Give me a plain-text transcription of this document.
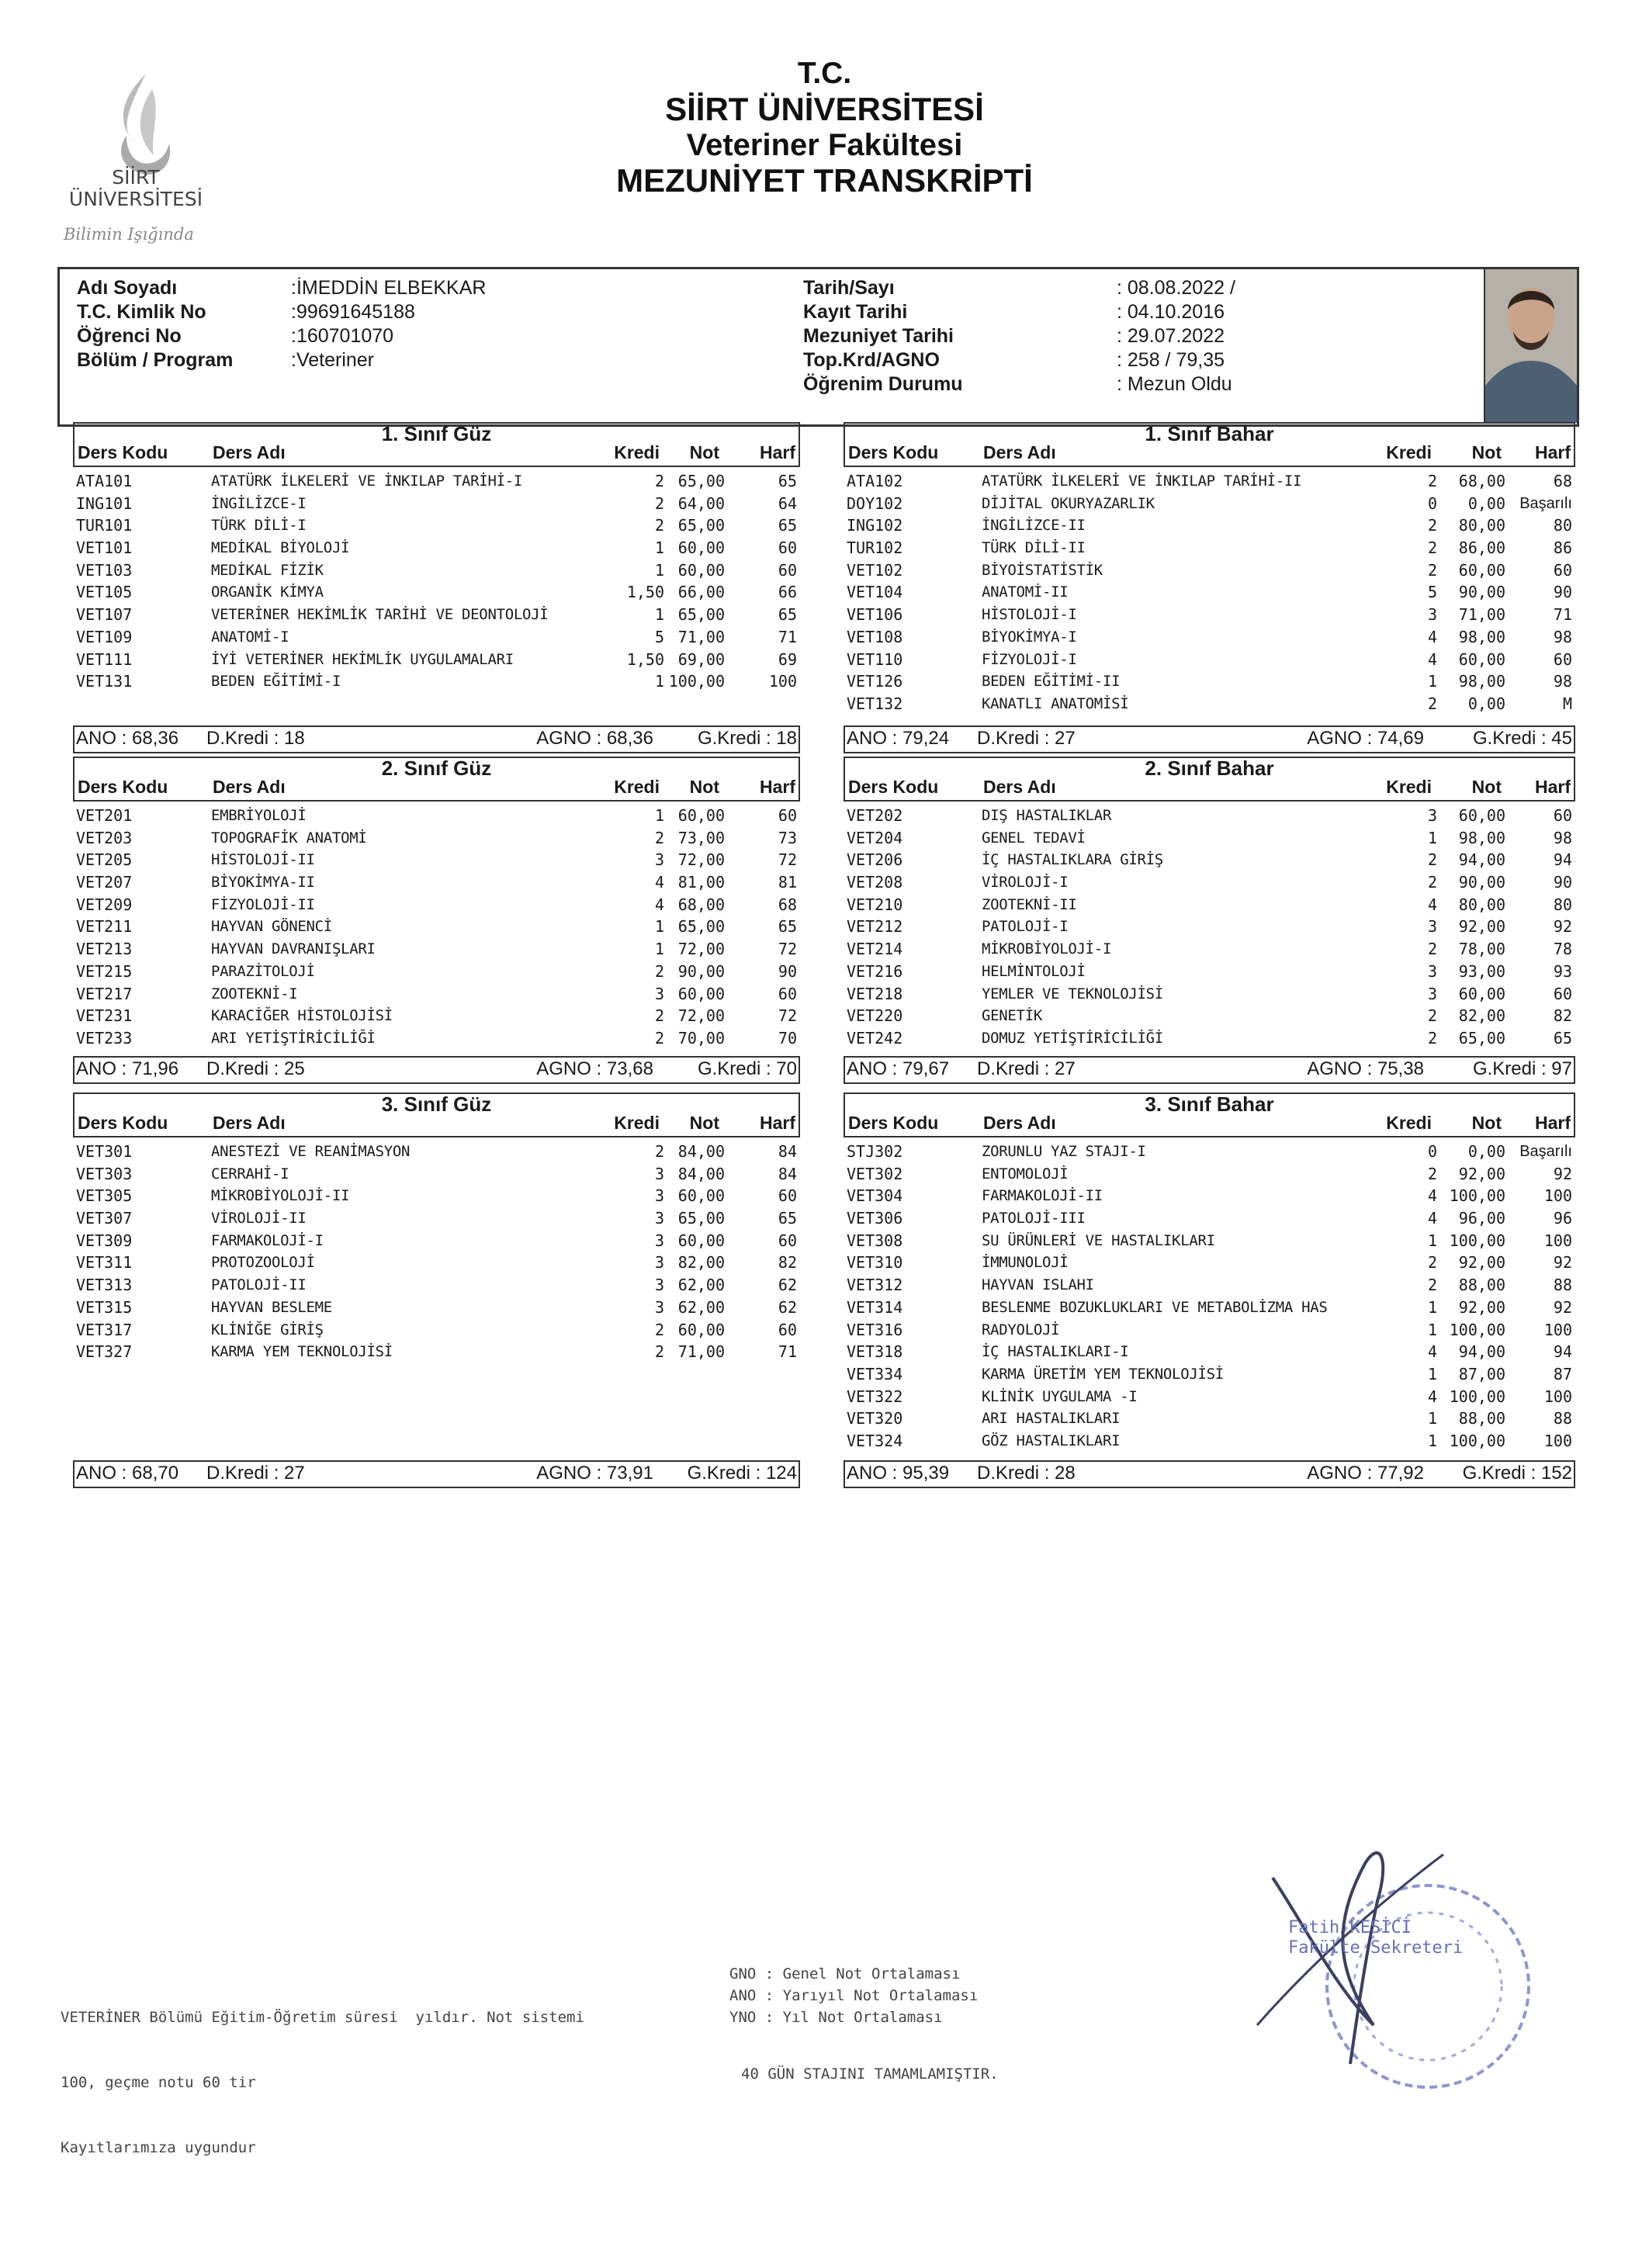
SİİRT
ÜNİVERSİTESİ
Bilimin Işığında
T.C.
SİİRT ÜNİVERSİTESİ
Veteriner Fakültesi
MEZUNİYET TRANSKRİPTİ
Adı Soyadı	:İMEDDİN ELBEKKAR
T.C. Kimlik No	:99691645188
Öğrenci No	:160701070
Bölüm / Program	:Veteriner
Tarih/Sayı	: 08.08.2022 /
Kayıt Tarihi	: 04.10.2016
Mezuniyet Tarihi	: 29.07.2022
Top.Krd/AGNO	: 258 / 79,35
Öğrenim Durumu	: Mezun Oldu
1. Sınıf Güz
Ders Kodu	Ders Adı	Kredi Not Harf
ATA101	ATATÜRK İLKELERİ VE İNKILAP TARİHİ-I	2 65,00	65
ING101	İNGİLİZCE-I	2 64,00	64
TUR101	TÜRK DİLİ-I	2 65,00	65
VET101	MEDİKAL BİYOLOJİ	1 60,00	60
VET103	MEDİKAL FİZİK	1 60,00	60
VET105	ORGANİK KİMYA	1,50 66,00	66
VET107	VETERİNER HEKİMLİK TARİHİ VE DEONTOLOJİ	1 65,00	65
VET109	ANATOMİ-I	5 71,00	71
VET111	İYİ VETERİNER HEKİMLİK UYGULAMALARI	1,50 69,00	69
VET131	BEDEN EĞİTİMİ-I	1 100,00	100
ANO : 68,36 D.Kredi : 18	AGNO : 68,36 G.Kredi : 18
1. Sınıf Bahar
Ders Kodu	Ders Adı	Kredi Not Harf
ATA102	ATATÜRK İLKELERİ VE İNKILAP TARİHİ-II	2 68,00	68
DOY102	DİJİTAL OKURYAZARLIK	0 0,00 Başarılı
ING102	İNGİLİZCE-II	2 80,00	80
TUR102	TÜRK DİLİ-II	2 86,00	86
VET102	BİYOİSTATİSTİK	2 60,00	60
VET104	ANATOMİ-II	5 90,00	90
VET106	HİSTOLOJİ-I	3 71,00	71
VET108	BİYOKİMYA-I	4 98,00	98
VET110	FİZYOLOJİ-I	4 60,00	60
VET126	BEDEN EĞİTİMİ-II	1 98,00	98
VET132	KANATLI ANATOMİSİ	2 0,00	M
ANO : 79,24 D.Kredi : 27	AGNO : 74,69	G.Kredi : 45
2. Sınıf Güz
Ders Kodu	Ders Adı	Kredi Not Harf
VET201	EMBRİYOLOJİ	1 60,00	60
VET203	TOPOGRAFİK ANATOMİ	2 73,00	73
VET205	HİSTOLOJİ-II	3 72,00	72
VET207	BİYOKİMYA-II	4 81,00	81
VET209	FİZYOLOJİ-II	4 68,00	68
VET211	HAYVAN GÖNENCİ	1 65,00	65
VET213	HAYVAN DAVRANIŞLARI	1 72,00	72
VET215	PARAZİTOLOJİ	2 90,00	90
VET217	ZOOTEKNİ-I	3 60,00	60
VET231	KARACİĞER HİSTOLOJİSİ	2 72,00	72
VET233	ARI YETİŞTİRİCİLİĞİ	2 70,00	70
ANO : 71,96 D.Kredi : 25	AGNO : 73,68 G.Kredi : 70
2. Sınıf Bahar
Ders Kodu	Ders Adı	Kredi Not Harf
VET202	DIŞ HASTALIKLAR	3 60,00	60
VET204	GENEL TEDAVİ	1 98,00	98
VET206	İÇ HASTALIKLARA GİRİŞ	2 94,00	94
VET208	VİROLOJİ-I	2 90,00	90
VET210	ZOOTEKNİ-II	4 80,00	80
VET212	PATOLOJİ-I	3 92,00	92
VET214	MİKROBİYOLOJİ-I	2 78,00	78
VET216	HELMİNTOLOJİ	3 93,00	93
VET218	YEMLER VE TEKNOLOJİSİ	3 60,00	60
VET220	GENETİK	2 82,00	82
VET242	DOMUZ YETİŞTİRİCİLİĞİ	2 65,00	65
ANO : 79,67 D.Kredi : 27	AGNO : 75,38	G.Kredi : 97
3. Sınıf Güz
Ders Kodu	Ders Adı	Kredi Not Harf
VET301	ANESTEZİ VE REANİMASYON	2 84,00	84
VET303	CERRAHİ-I	3 84,00	84
VET305	MİKROBİYOLOJİ-II	3 60,00	60
VET307	VİROLOJİ-II	3 65,00	65
VET309	FARMAKOLOJİ-I	3 60,00	60
VET311	PROTOZOOLOJİ	3 82,00	82
VET313	PATOLOJİ-II	3 62,00	62
VET315	HAYVAN BESLEME	3 62,00	62
VET317	KLİNİĞE GİRİŞ	2 60,00	60
VET327	KARMA YEM TEKNOLOJİSİ	2 71,00	71
ANO : 68,70 D.Kredi : 27	AGNO : 73,91 G.Kredi : 124
3. Sınıf Bahar
Ders Kodu	Ders Adı	Kredi Not Harf
STJ302	ZORUNLU YAZ STAJI-I	0 0,00 Başarılı
VET302	ENTOMOLOJİ	2 92,00	92
VET304	FARMAKOLOJİ-II	4 100,00 100
VET306	PATOLOJİ-III	4 96,00	96
VET308	SU ÜRÜNLERİ VE HASTALIKLARI	1 100,00 100
VET310	İMMUNOLOJİ	2 92,00	92
VET312	HAYVAN ISLAHI	2 88,00	88
VET314	BESLENME BOZUKLUKLARI VE METABOLİZMA HAS	1 92,00	92
VET316	RADYOLOJİ	1 100,00 100
VET318	İÇ HASTALIKLARI-I	4 94,00	94
VET334	KARMA ÜRETİM YEM TEKNOLOJİSİ	1 87,00	87
VET322	KLİNİK UYGULAMA -I	4 100,00 100
VET320	ARI HASTALIKLARI	1 88,00	88
VET324	GÖZ HASTALIKLARI	1 100,00 100
ANO : 95,39 D.Kredi : 28	AGNO : 77,92 G.Kredi : 152

VETERİNER Bölümü Eğitim-Öğretim süresi  yıldır. Not sistemi

100, geçme notu 60 tir

Kayıtlarımıza uygundur

GNO : Genel Not Ortalaması
ANO : Yarıyıl Not Ortalaması
YNO : Yıl Not Ortalaması
40 GÜN STAJINI TAMAMLAMIŞTIR.
Fatih KESİCİ
Fakülte Sekreteri
